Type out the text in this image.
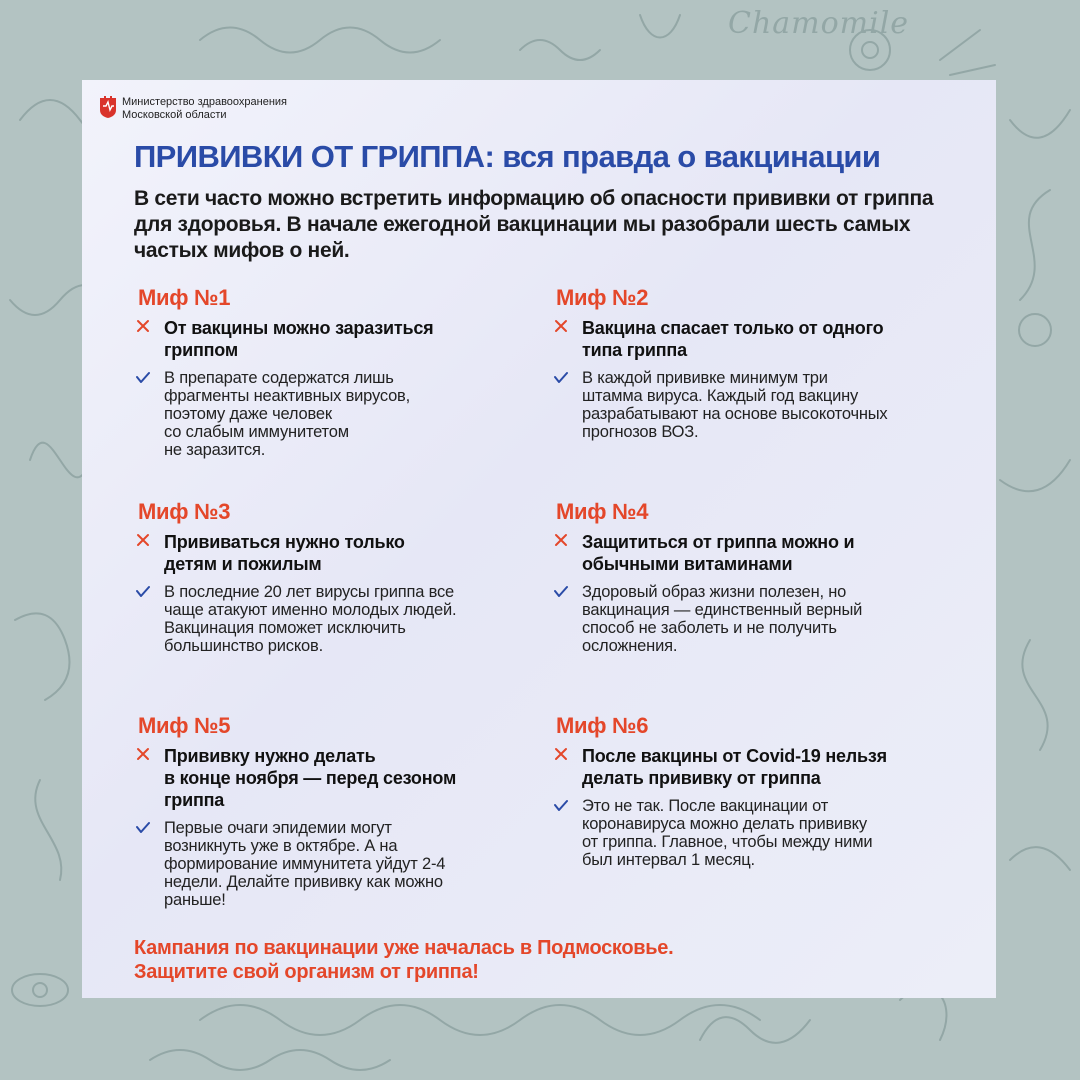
Chamomile
Министерство здравоохранения
Московской области
ПРИВИВКИ ОТ ГРИППА: вся правда о вакцинации

В сети часто можно встретить информацию об опасности прививки от гриппа для здоровья. В начале ежегодной вакцинации мы разобрали шесть самых частых мифов о ней.

Миф №1
От вакцины можно заразиться
гриппом
В препарате содержатся лишь
фрагменты неактивных вирусов,
поэтому даже человек
со слабым иммунитетом
не заразится.
Миф №2
Вакцина спасает только от одного
типа гриппа
В каждой прививке минимум три
штамма вируса. Каждый год вакцину
разрабатывают на основе высокоточных
прогнозов ВОЗ.
Миф №3
Прививаться нужно только
детям и пожилым
В последние 20 лет вирусы гриппа все
чаще атакуют именно молодых людей.
Вакцинация поможет исключить
большинство рисков.
Миф №4
Защититься от гриппа можно и
обычными витаминами
Здоровый образ жизни полезен, но
вакцинация — единственный верный
способ не заболеть и не получить
осложнения.
Миф №5
Прививку нужно делать
в конце ноября — перед сезоном
гриппа
Первые очаги эпидемии могут
возникнуть уже в октябре. А на
формирование иммунитета уйдут 2-4
недели. Делайте прививку как можно
раньше!
Миф №6
После вакцины от Covid-19 нельзя
делать прививку от гриппа
Это не так. После вакцинации от
коронавируса можно делать прививку
от гриппа. Главное, чтобы между ними
был интервал 1 месяц.
Кампания по вакцинации уже началась в Подмосковье.
Защитите свой организм от гриппа!
